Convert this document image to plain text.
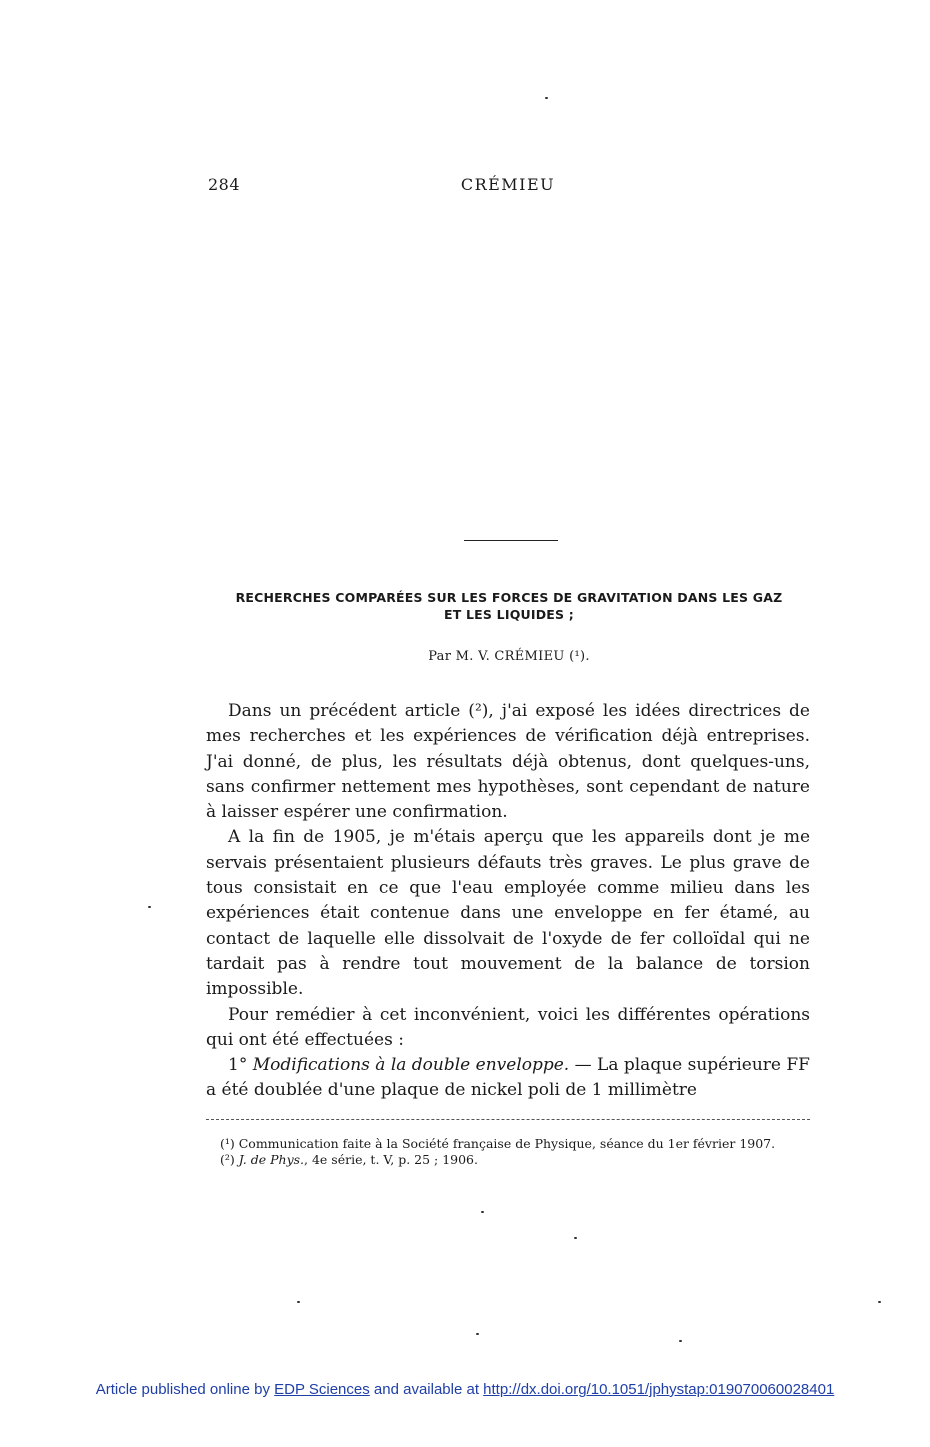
284	CRÉMIEU
RECHERCHES COMPARÉES SUR LES FORCES DE GRAVITATION DANS LES GAZ
ET LES LIQUIDES ;
Par M. V. CRÉMIEU (¹).

Dans un précédent article (²), j'ai exposé les idées directrices de mes recherches et les expériences de vérification déjà entreprises. J'ai donné, de plus, les résultats déjà obtenus, dont quelques-uns, sans confirmer nettement mes hypothèses, sont cependant de nature à laisser espérer une confirmation.

A la fin de 1905, je m'étais aperçu que les appareils dont je me servais présentaient plusieurs défauts très graves. Le plus grave de tous consistait en ce que l'eau employée comme milieu dans les expériences était contenue dans une enveloppe en fer étamé, au contact de laquelle elle dissolvait de l'oxyde de fer colloïdal qui ne tardait pas à rendre tout mouvement de la balance de torsion impossible.

Pour remédier à cet inconvénient, voici les différentes opérations qui ont été effectuées :

1° Modifications à la double enveloppe. — La plaque supérieure FF a été doublée d'une plaque de nickel poli de 1 millimètre

(¹) Communication faite à la Société française de Physique, séance du 1er février 1907.

(²) J. de Phys., 4e série, t. V, p. 25 ; 1906.

Article published online by EDP Sciences and available at http://dx.doi.org/10.1051/jphystap:019070060028401
